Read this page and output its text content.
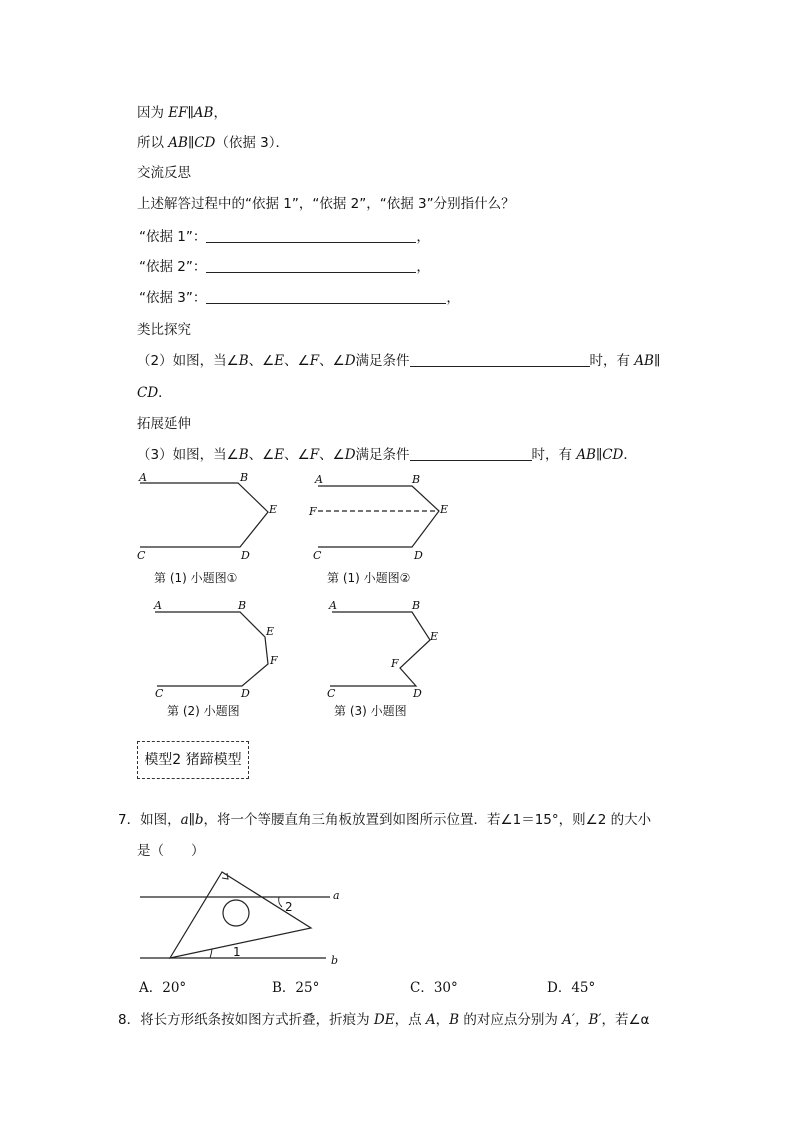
因为 EF∥AB，
所以 AB∥CD（依据 3）．
交流反思
上述解答过程中的“依据 1”，“依据 2”，“依据 3”分别指什么？
“依据 1”：	，
“依据 2”：	，
“依据 3”：	，
类比探究
（2）如图，当∠B、∠E、∠F、∠D满足条件	时，有 AB∥
CD．
拓展延伸
（3）如图，当∠B、∠E、∠F、∠D满足条件	时，有 AB∥CD．
A	B
E
C	D
第 (1) 小题图①
A	B
E
F
C	D
第 (1) 小题图②
A	B
E
F
C	D
第 (2) 小题图
A	B
E
F
C	D
第 (3) 小题图
a
b
2
1
模型2 猪蹄模型
7．如图，a∥b，将一个等腰直角三角板放置到如图所示位置．若∠1＝15°，则∠2 的大小
是（　　）
A．20°	B．25°	C．30°	D．45°
8．将长方形纸条按如图方式折叠，折痕为 DE，点 A，B 的对应点分别为 A′，B′，若∠α
